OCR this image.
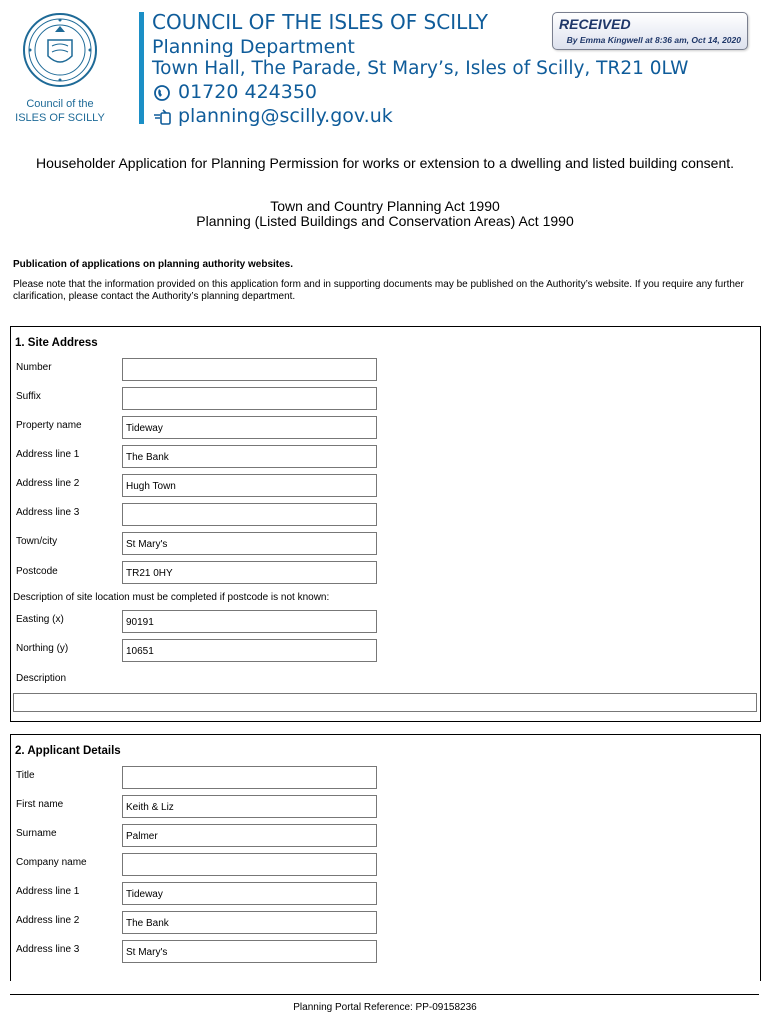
Council of the
ISLES OF SCILLY
COUNCIL OF THE ISLES OF SCILLY
Planning Department
Town Hall, The Parade, St Mary’s, Isles of Scilly, TR21 0LW
01720 424350
planning@scilly.gov.uk
RECEIVED
By Emma Kingwell at 8:36 am, Oct 14, 2020
Householder Application for Planning Permission for works or extension to a dwelling and listed building consent.
Town and Country Planning Act 1990
Planning (Listed Buildings and Conservation Areas) Act 1990
Publication of applications on planning authority websites.
Please note that the information provided on this application form and in supporting documents may be published on the Authority’s website. If you require any further clarification, please contact the Authority’s planning department.
1. Site Address
Number
Suffix
Property name	Tideway
Address line 1	The Bank
Address line 2	Hugh Town
Address line 3
Town/city	St Mary's
Postcode	TR21 0HY
Description of site location must be completed if postcode is not known:
Easting (x)	90191
Northing (y)	10651
Description
2. Applicant Details
Title
First name	Keith & Liz
Surname	Palmer
Company name
Address line 1	Tideway
Address line 2	The Bank
Address line 3	St Mary's
Planning Portal Reference: PP-09158236
